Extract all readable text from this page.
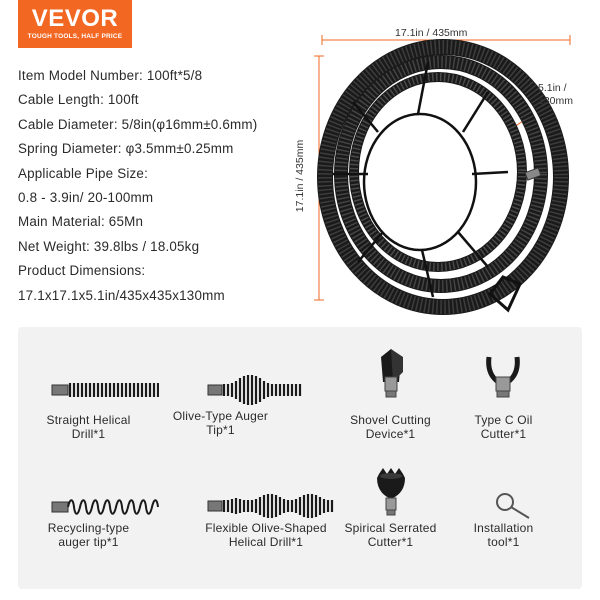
VEVOR
TOUGH TOOLS, HALF PRICE
Item Model Number: 100ft*5/8
Cable Length: 100ft
Cable Diameter: 5/8in(φ16mm±0.6mm)
Spring Diameter: φ3.5mm±0.25mm
Applicable Pipe Size:
0.8 - 3.9in/ 20-100mm
Main Material: 65Mn
Net Weight: 39.8lbs / 18.05kg
Product Dimensions:
17.1x17.1x5.1in/435x435x130mm
17.1in / 435mm
17.1in / 435mm
5.1in /
130mm
Straight Helical
Drill*1
Olive-Type Auger
Tip*1
Shovel Cutting
Device*1
Type C Oil
Cutter*1
Recycling-type
auger tip*1
Flexible Olive-Shaped
Helical Drill*1
Spirical Serrated
Cutter*1
Installation
tool*1
